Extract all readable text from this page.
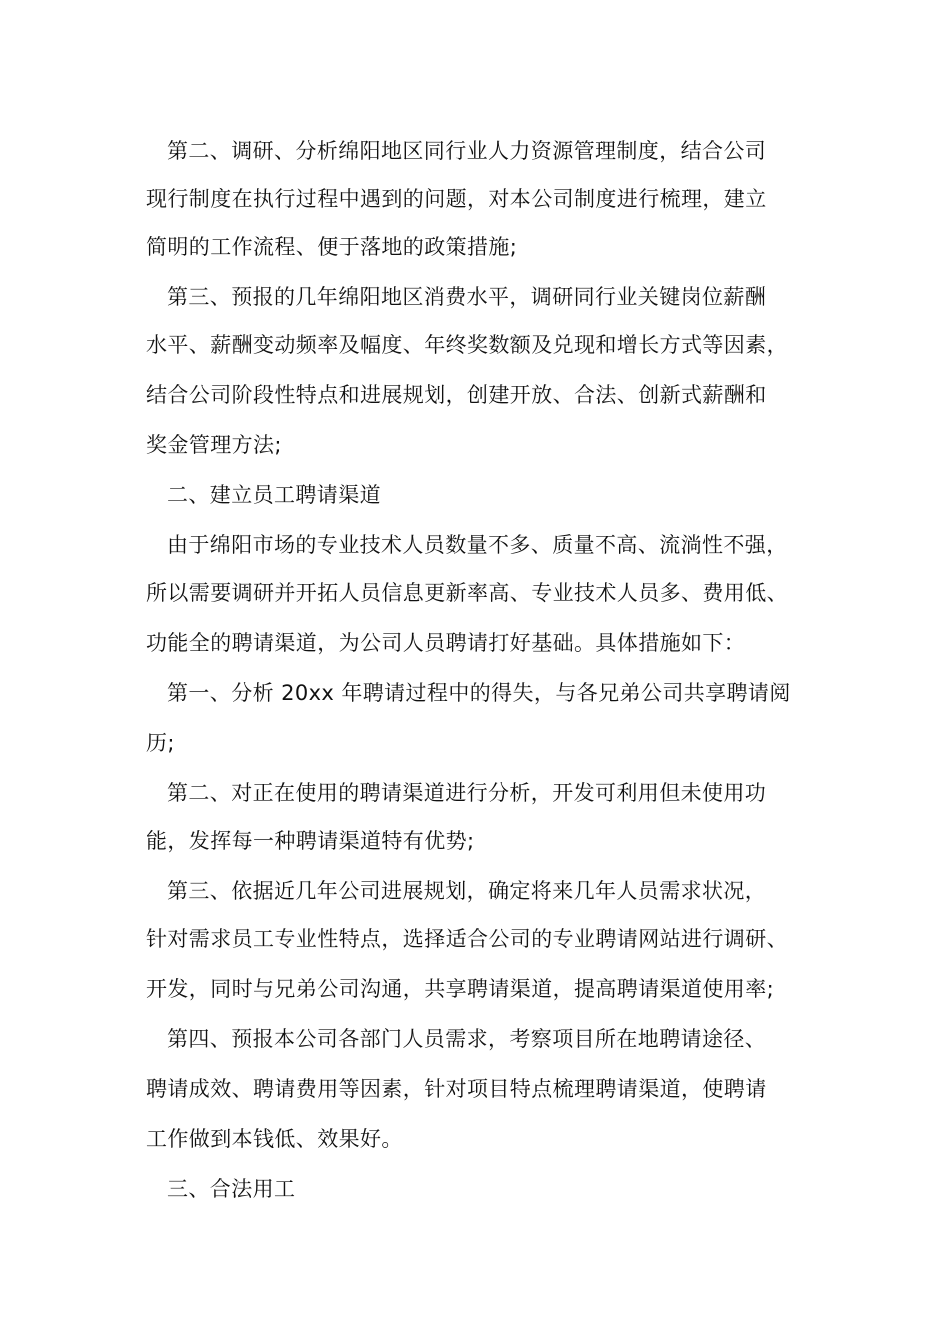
第二、调研、分析绵阳地区同行业人力资源管理制度，结合公司
现行制度在执行过程中遇到的问题，对本公司制度进行梳理，建立
简明的工作流程、便于落地的政策措施;
第三、预报的几年绵阳地区消费水平，调研同行业关键岗位薪酬
水平、薪酬变动频率及幅度、年终奖数额及兑现和增长方式等因素，
结合公司阶段性特点和进展规划，创建开放、合法、创新式薪酬和
奖金管理方法;
二、建立员工聘请渠道
由于绵阳市场的专业技术人员数量不多、质量不高、流淌性不强，
所以需要调研并开拓人员信息更新率高、专业技术人员多、费用低、
功能全的聘请渠道，为公司人员聘请打好基础。具体措施如下：
第一、分析 20xx 年聘请过程中的得失，与各兄弟公司共享聘请阅
历;
第二、对正在使用的聘请渠道进行分析，开发可利用但未使用功
能，发挥每一种聘请渠道特有优势;
第三、依据近几年公司进展规划，确定将来几年人员需求状况，
针对需求员工专业性特点，选择适合公司的专业聘请网站进行调研、
开发，同时与兄弟公司沟通，共享聘请渠道，提高聘请渠道使用率;
第四、预报本公司各部门人员需求，考察项目所在地聘请途径、
聘请成效、聘请费用等因素，针对项目特点梳理聘请渠道，使聘请
工作做到本钱低、效果好。
三、合法用工
